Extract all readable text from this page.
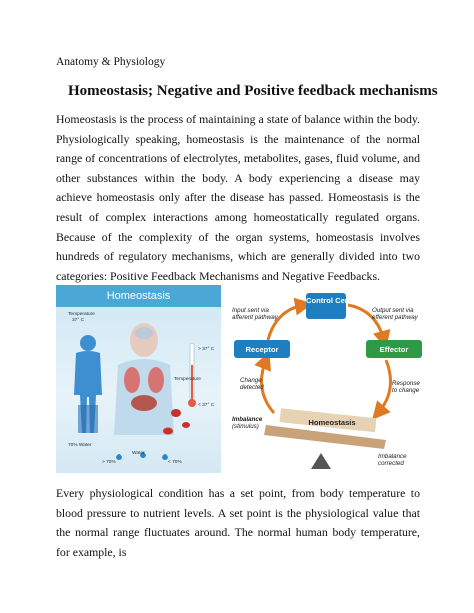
Anatomy & Physiology
Homeostasis; Negative and Positive feedback mechanisms

Homeostasis is the process of maintaining a state of balance within the body. Physiologically speaking, homeostasis is the maintenance of the normal range of concentrations of electrolytes, metabolites, gases, fluid volume, and other substances within the body. A body experiencing a disease may achieve homeostasis only after the disease has passed. Homeostasis is the result of complex interactions among homeostatically regulated organs. Because of the complexity of the organ systems, homeostasis involves hundreds of regulatory mechanisms, which are generally divided into two categories: Positive Feedback Mechanisms and Negative Feedbacks.

Homeostasis
Temperature
37° C
> 37° C
Temperature
< 37° C
70% Water
Water
> 70%	< 70%
Control Centre
Receptor	Effector
Homeostasis
Input sent via
afferent pathway
Output sent via
efferent pathway
Change
detected
Response
to change
Imbalance
(stimulus)
Imbalance
corrected

Every physiological condition has a set point, from body temperature to blood pressure to nutrient levels. A set point is the physiological value that the normal range fluctuates around. The normal human body temperature, for example, is
